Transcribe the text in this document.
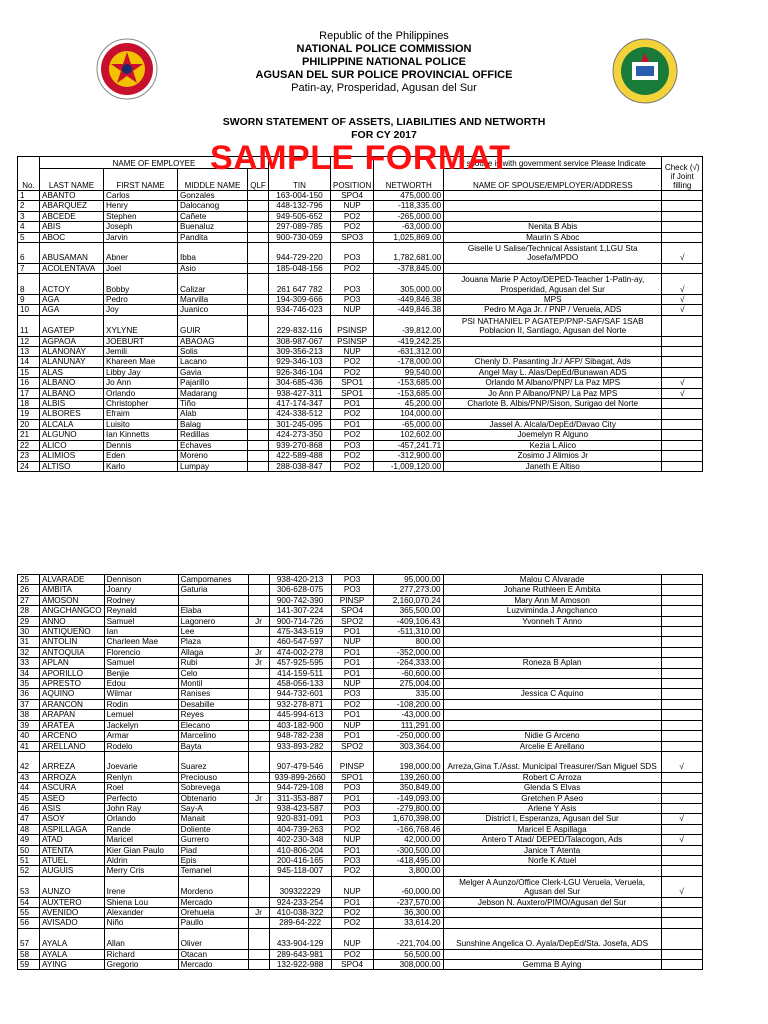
Republic of the Philippines
NATIONAL POLICE COMMISSION
PHILIPPINE NATIONAL POLICE
AGUSAN DEL SUR POLICE PROVINCIAL OFFICE
Patin-ay, Prosperidad, Agusan del Sur
SWORN STATEMENT OF ASSETS, LIABILITIES AND NETWORTH
FOR CY 2017
No.	NAME OF EMPLOYEE				TIN	POSITION	NETWORTH	If spouse is with government service Please Indicate	Check (√) if Joint filling
	LAST NAME	FIRST NAME	MIDDLE NAME	QLF				NAME OF SPOUSE/EMPLOYER/ADDRESS	

1	ABANTO	Carlos	Gonzales		163-004-150	SPO4	475,000.00		
2	ABARQUEZ	Henry	Dalocanog		448-132-796	NUP	-118,335.00		
3	ABCEDE	Stephen	Cañete		949-505-652	PO2	-265,000.00		
4	ABIS	Joseph	Buenaluz		297-089-785	PO2	-63,000.00	Nenita B Abis	
5	ABOC	Jarvin	Pandita		900-730-059	SPO3	1,025,869.00	Maurin S Aboc	
6	ABUSAMAN	Abner	Ibba		944-729-220	PO3	1,782,681.00	Giselle U Salise/Technical Assistant 1,LGU Sta Josefa/MPDO	√
7	ACOLENTAVA	Joel	Asio		185-048-156	PO2	-378,845.00		
8	ACTOY	Bobby	Calizar		261 647 782	PO3	305,000.00	Jouana Marie P Actoy/DEPED-Teacher 1-Patin-ay, Prosperidad, Agusan del Sur	√
9	AGA	Pedro	Marvilla		194-309-666	PO3	-449,846.38	MPS	√
10	AGA	Joy	Juanico		934-746-023	NUP	-449,846.38	Pedro M Aga Jr. / PNP / Veruela, ADS	√
11	AGATEP	XYLYNE	GUIR		229-832-116	PSINSP	-39,812.00	PSI NATHANIEL P AGATEP/PNP-SAF/SAF 1SAB Poblacion II, Santiago, Agusan del Norte	
12	AGPAOA	JOEBURT	ABAOAG		308-987-067	PSINSP	-419,242.25		
13	ALANONAY	Jemili	Solis		309-356-213	NUP	-631,312.00		
14	ALANUNAY	Khareen Mae	Lacano		929-346-103	PO2	-178,000.00	Chenly D. Pasanting Jr./ AFP/ Sibagat, Ads	
15	ALAS	Libby Jay	Gavia		926-346-104	PO2	99,540.00	Angel May L. Alas/DepEd/Bunawan ADS	
16	ALBANO	Jo Ann	Pajarillo		304-685-436	SPO1	-153,685.00	Orlando M Albano/PNP/ La Paz MPS	√
17	ALBANO	Orlando	Madarang		938-427-311	SPO1	-153,685.00	Jo Ann P Albano/PNP/ La Paz MPS	√
18	ALBIS	Christopher	Tiño		417-174-347	PO1	45,200.00	Charlote B. Albis/PNP/Sison, Surigao del Norte	
19	ALBORES	Efraim	Alab		424-338-512	PO2	104,000.00		
20	ALCALA	Luisito	Balag		301-245-095	PO1	-65,000.00	Jassel A. Alcala/DepEd/Davao City	
21	ALGUNO	Ian Kinnetts	Redillas		424-273-350	PO2	102,602.00	Joemelyn R Alguno	
22	ALICO	Dennis	Echaves		939-270-868	PO3	-457,241.71	Kezia L Alico	
23	ALIMIOS	Eden	Moreno		422-589-488	PO2	-312,900.00	Zosimo J Alimios Jr	
24	ALTISO	Karlo	Lumpay		288-038-847	PO2	-1,009,120.00	Janeth E Altiso	
25	ALVARADE	Dennison	Campomanes		938-420-213	PO3	95,000.00	Malou C Alvarade	
26	AMBITA	Joanry	Gaturia		306-628-075	PO3	277,273.00	Johane Ruthleen E Ambita	
27	AMOSON	Rodney			900-742-390	PINSP	2,160,070.24	Mary Ann M Amoson	
28	ANGCHANGCO	Reynald	Elaba		141-307-224	SPO4	365,500.00	Luzviminda J Angchanco	
29	ANNO	Samuel	Lagonero	Jr	900-714-726	SPO2	-409,106.43	Yvonneh T Anno	
30	ANTIQUEÑO	Ian	Lee		475-343-519	PO1	-511,310.00		
31	ANTOLIN	Charleen Mae	Plaza		460-547-597	NUP	800.00		
32	ANTOQUIA	Florencio	Allaga	Jr	474-002-278	PO1	-352,000.00		
33	APLAN	Samuel	Rubi	Jr	457-925-595	PO1	-264,333.00	Roneza B Aplan	
34	APORILLO	Benjie	Celo		414-159-511	PO1	-60,600.00		
35	APRESTO	Edou	Montil		458-056-133	NUP	275,004.00		
36	AQUINO	Wilmar	Ranises		944-732-601	PO3	335.00	Jessica C Aquino	
37	ARANCON	Rodin	Desabille		932-278-871	PO2	-108,200.00		
38	ARAPAN	Lemuel	Reyes		445-994-613	PO1	-43,000.00		
39	ARATEA	Jackelyn	Elecano		403-182-900	NUP	111,291.00		
40	ARCENO	Armar	Marcelino		948-782-238	PO1	-250,000.00	Nidie G Arceno	
41	ARELLANO	Rodelo	Bayta		933-893-282	SPO2	303,364.00	Arcelie E Arellano	
42	ARREZA	Joevarie	Suarez		907-479-546	PINSP	198,000.00	Arreza,Gina T./Asst. Municipal Treasurer/San Miguel SDS	√
43	ARROZA	Renlyn	Preciouso		939-899-2660	SPO1	139,260.00	Robert C Arroza	
44	ASCURA	Roel	Sobrevega		944-729-108	PO3	350,849.00	Glenda S Elvas	
45	ASEO	Perfecto	Obtenario	Jr	311-353-887	PO1	-149,093.00	Gretchen P Aseo	
46	ASIS	John Ray	Say-A		938-423-587	PO3	-279,800.00	Arlene Y Asis	
47	ASOY	Orlando	Manait		920-831-091	PO3	1,670,398.00	District I, Esperanza, Agusan del Sur	√
48	ASPILLAGA	Rande	Doliente		404-739-263	PO2	-166,768.46	Maricel E Aspillaga	
49	ATAD	Maricel	Gurrero		402-230-348	NUP	42,000.00	Antero T Atad/ DEPED/Talacogon, Ads	√
50	ATENTA	Kier Gian Paulo	Piad		410-806-204	PO1	-300,500.00	Janice T Atenta	
51	ATUEL	Aldrin	Epis		200-416-165	PO3	-418,495.00	Norfe K Atuel	
52	AUGUIS	Merry Cris	Temanel		945-118-007	PO2	3,800.00		
53	AUNZO	Irene	Mordeno		309322229	NUP	-60,000.00	Melger A Aunzo/Office Clerk-LGU Veruela, Veruela, Agusan del Sur	√
54	AUXTERO	Shiena Lou	Mercado		924-233-254	PO1	-237,570.00	Jebson N. Auxtero/PIMO/Agusan del Sur	
55	AVENIDO	Alexander	Orehuela	Jr	410-038-322	PO2	36,300.00		
56	AVISADO	Niño	Paullo		289-64-222	PO2	33,614.20		
57	AYALA	Allan	Oliver		433-904-129	NUP	-221,704.00	Sunshine Angelica O. Ayala/DepEd/Sta. Josefa, ADS	
58	AYALA	Richard	Otacan		289-643-981	PO2	56,500.00		
59	AYING	Gregorio	Mercado		132-922-988	SPO4	308,000.00	Gemma B Aying	
SAMPLE FORMAT
